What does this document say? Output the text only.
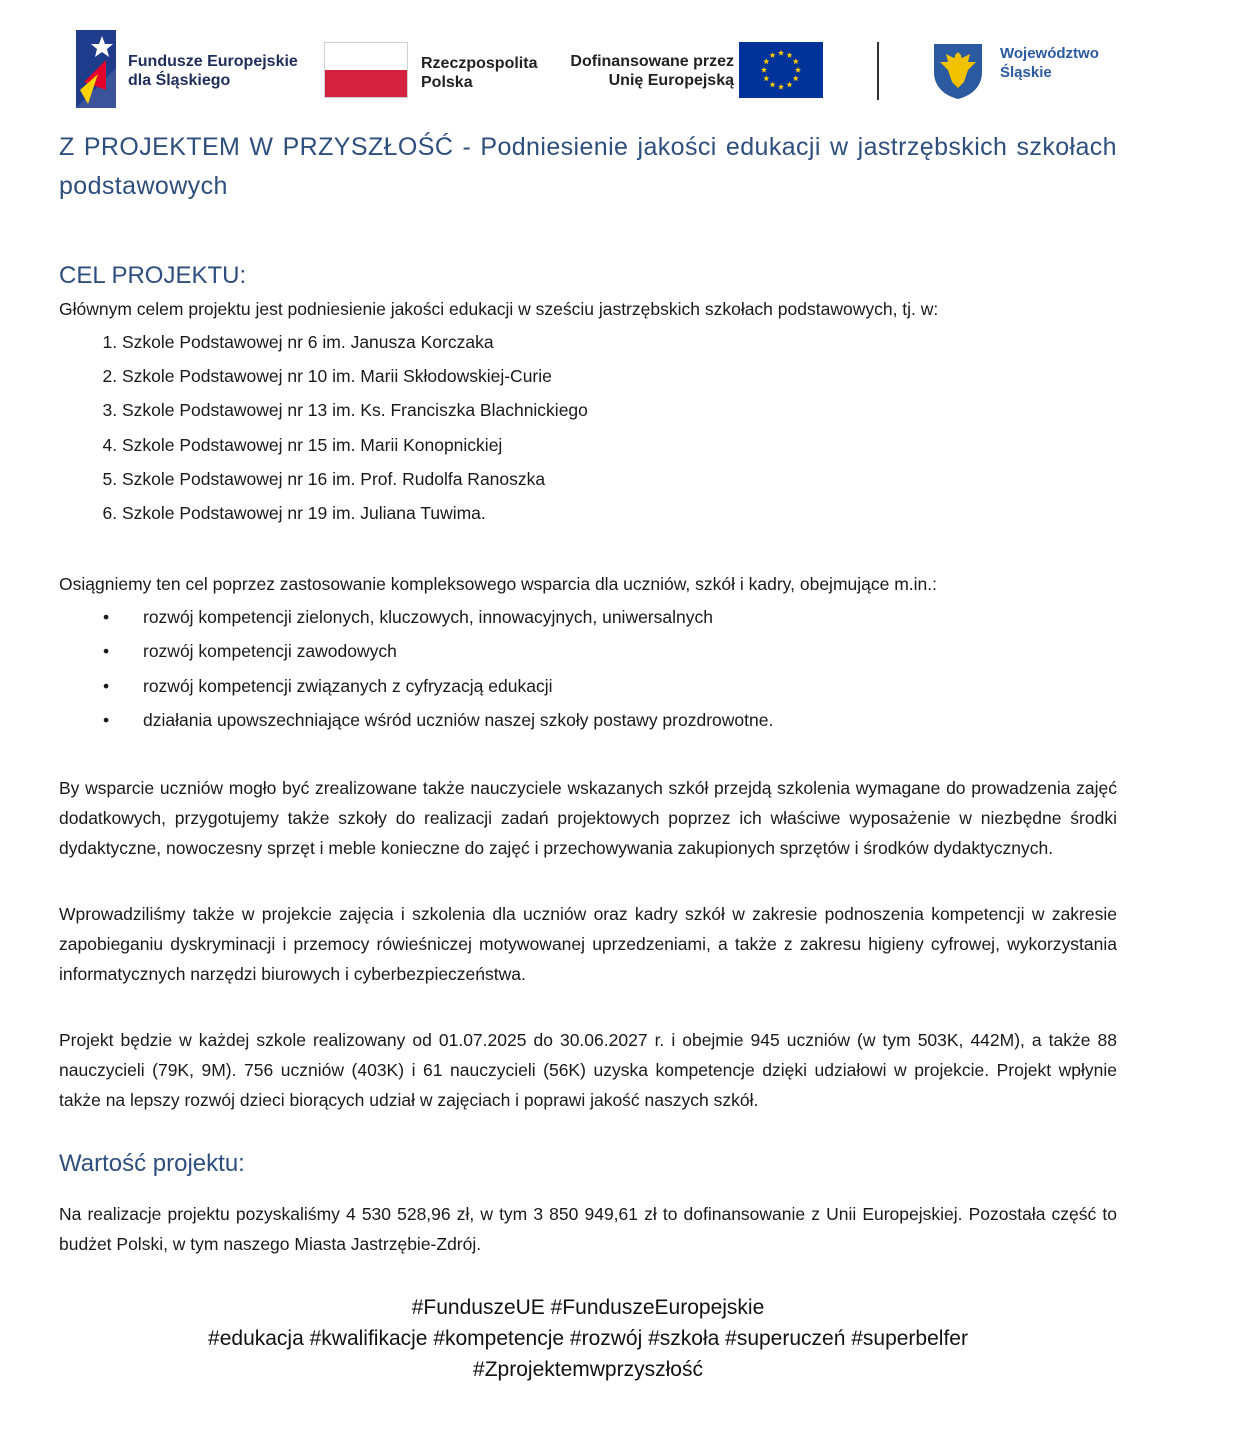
Fundusze Europejskie
dla Śląskiego
Rzeczpospolita
Polska
Dofinansowane przez
Unię Europejską
Województwo
Śląskie
Z PROJEKTEM W PRZYSZŁOŚĆ - Podniesienie jakości edukacji w jastrzębskich szkołach podstawowych
CEL PROJEKTU:

Głównym celem projektu jest podniesienie jakości edukacji w sześciu jastrzębskich szkołach podstawowych, tj. w:

1. Szkole Podstawowej nr 6 im. Janusza Korczaka
2. Szkole Podstawowej nr 10 im. Marii Skłodowskiej-Curie
3. Szkole Podstawowej nr 13 im. Ks. Franciszka Blachnickiego
4. Szkole Podstawowej nr 15 im. Marii Konopnickiej
5. Szkole Podstawowej nr 16 im. Prof. Rudolfa Ranoszka
6. Szkole Podstawowej nr 19 im. Juliana Tuwima.

Osiągniemy ten cel poprzez zastosowanie kompleksowego wsparcia dla uczniów, szkół i kadry, obejmujące m.in.:

• rozwój kompetencji zielonych, kluczowych, innowacyjnych, uniwersalnych
• rozwój kompetencji zawodowych
• rozwój kompetencji związanych z cyfryzacją edukacji
• działania upowszechniające wśród uczniów naszej szkoły postawy prozdrowotne.

By wsparcie uczniów mogło być zrealizowane także nauczyciele wskazanych szkół przejdą szkolenia wymagane do prowadzenia zajęć dodatkowych, przygotujemy także szkoły do realizacji zadań projektowych poprzez ich właściwe wyposażenie w niezbędne środki dydaktyczne, nowoczesny sprzęt i meble konieczne do zajęć i przechowywania zakupionych sprzętów i środków dydaktycznych.

Wprowadziliśmy także w projekcie zajęcia i szkolenia dla uczniów oraz kadry szkół w zakresie podnoszenia kompetencji w zakresie zapobieganiu dyskryminacji i przemocy rówieśniczej motywowanej uprzedzeniami, a także z zakresu higieny cyfrowej, wykorzystania informatycznych narzędzi biurowych i cyberbezpieczeństwa.

Projekt będzie w każdej szkole realizowany od 01.07.2025 do 30.06.2027 r. i obejmie 945 uczniów (w tym 503K, 442M), a także 88 nauczycieli (79K, 9M). 756 uczniów (403K) i 61 nauczycieli (56K) uzyska kompetencje dzięki udziałowi w projekcie. Projekt wpłynie także na lepszy rozwój dzieci biorących udział w zajęciach i poprawi jakość naszych szkół.

Wartość projektu:

Na realizacje projektu pozyskaliśmy 4 530 528,96 zł, w tym 3 850 949,61 zł to dofinansowanie z Unii Europejskiej. Pozostała część to budżet Polski, w tym naszego Miasta Jastrzębie-Zdrój.

#FunduszeUE #FunduszeEuropejskie
#edukacja #kwalifikacje #kompetencje #rozwój #szkoła #superuczeń #superbelfer
#Zprojektemwprzyszłość
